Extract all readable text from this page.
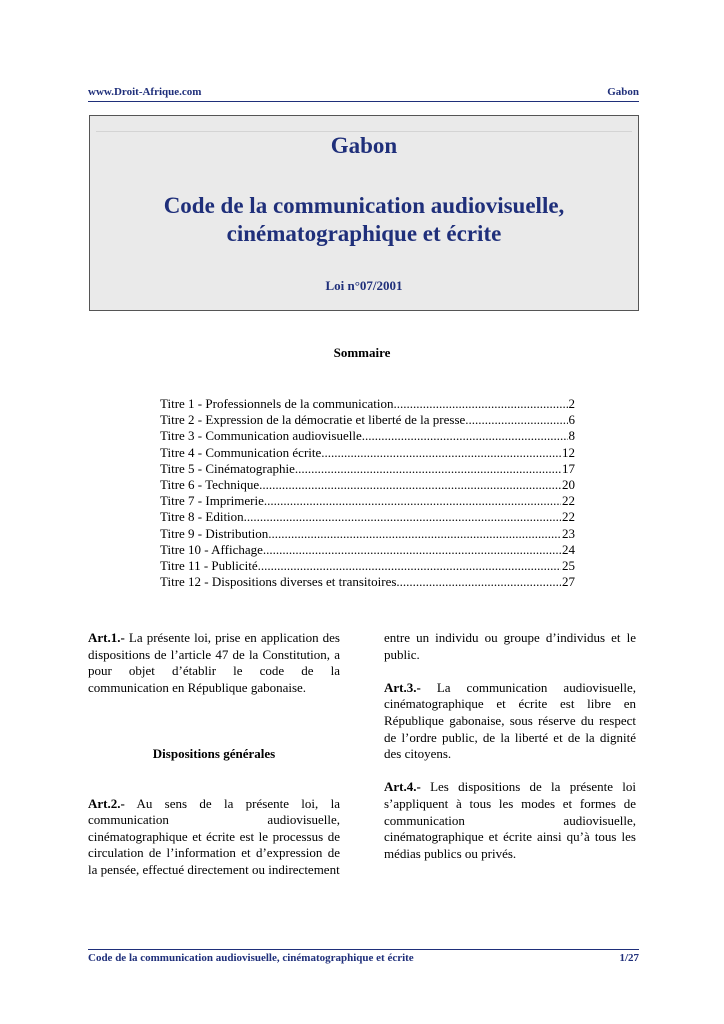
www.Droit-Afrique.com	Gabon
Gabon
Code de la communication audiovisuelle,
cinématographique et écrite
Loi n°07/2001
Sommaire
Titre 1 - Professionnels de la communication .....	2
Titre 2 - Expression de la démocratie et liberté de la presse .....	6
Titre 3 - Communication audiovisuelle .....	8
Titre 4 - Communication écrite .....	12
Titre 5 - Cinématographie .....	17
Titre 6 - Technique .....	20
Titre 7 - Imprimerie .....	22
Titre 8 - Edition .....	22
Titre 9 - Distribution .....	23
Titre 10 - Affichage .....	24
Titre 11 - Publicité .....	25
Titre 12 - Dispositions diverses et transitoires .....	27

Art.1.- La présente loi, prise en application des dispositions de l’article 47 de la Constitution, a pour objet d’établir le code de la communication en République gabonaise.

Dispositions générales

Art.2.- Au sens de la présente loi, la communication audiovisuelle, cinématographique et écrite est le processus de circulation de l’information et d’expression de la pensée, effectué directement ou indirectement

entre un individu ou groupe d’individus et le public.

Art.3.- La communication audiovisuelle, cinématographique et écrite est libre en République gabonaise, sous réserve du respect de l’ordre public, de la liberté et de la dignité des citoyens.

Art.4.- Les dispositions de la présente loi s’appliquent à tous les modes et formes de communication audiovisuelle, cinématographique et écrite ainsi qu’à tous les médias publics ou privés.

Code de la communication audiovisuelle, cinématographique et écrite	1/27
